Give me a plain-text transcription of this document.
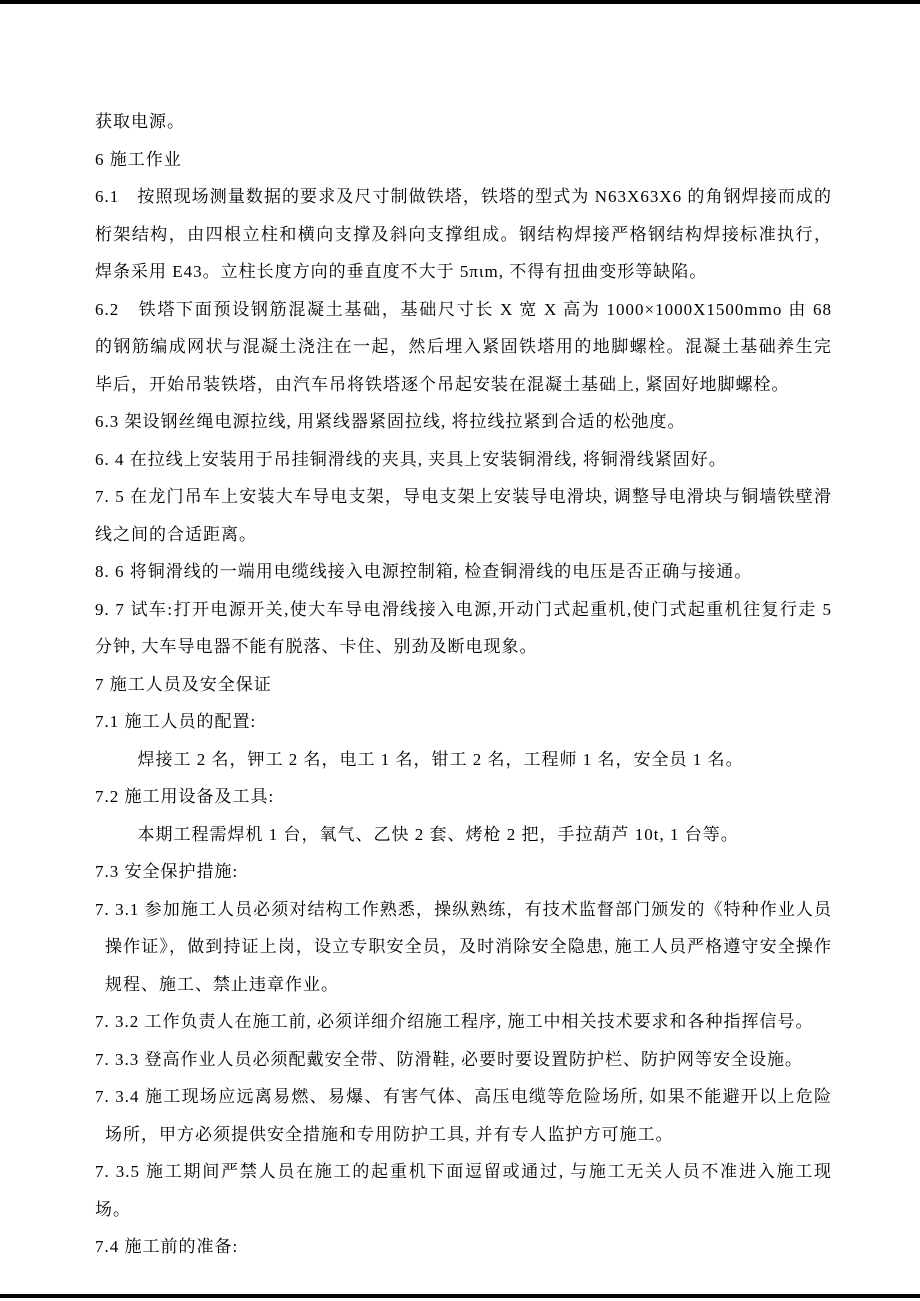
获取电源。

6 施工作业

6.1　按照现场测量数据的要求及尺寸制做铁塔，铁塔的型式为 N63X63X6 的角钢焊接而成的桁架结构，由四根立柱和横向支撑及斜向支撑组成。钢结构焊接严格钢结构焊接标准执行，焊条采用 E43。立柱长度方向的垂直度不大于 5πιm, 不得有扭曲变形等缺陷。

6.2　铁塔下面预设钢筋混凝土基础，基础尺寸长 X 宽 X 高为 1000×1000X1500mmo 由 68 的钢筋编成网状与混凝土浇注在一起，然后埋入紧固铁塔用的地脚螺栓。混凝土基础养生完毕后，开始吊装铁塔，由汽车吊将铁塔逐个吊起安装在混凝土基础上, 紧固好地脚螺栓。

6.3 架设钢丝绳电源拉线, 用紧线器紧固拉线, 将拉线拉紧到合适的松弛度。

6. 4 在拉线上安装用于吊挂铜滑线的夹具, 夹具上安装铜滑线, 将铜滑线紧固好。

7. 5 在龙门吊车上安装大车导电支架，导电支架上安装导电滑块, 调整导电滑块与铜墙铁壁滑线之间的合适距离。

8. 6 将铜滑线的一端用电缆线接入电源控制箱, 检查铜滑线的电压是否正确与接通。

9. 7 试车:打开电源开关,使大车导电滑线接入电源,开动门式起重机,使门式起重机往复行走 5 分钟, 大车导电器不能有脱落、卡住、别劲及断电现象。

7 施工人员及安全保证

7.1 施工人员的配置:

焊接工 2 名，钾工 2 名，电工 1 名，钳工 2 名，工程师 1 名，安全员 1 名。

7.2 施工用设备及工具:

本期工程需焊机 1 台，氧气、乙快 2 套、烤枪 2 把，手拉葫芦 10t, 1 台等。

7.3 安全保护措施:

7. 3.1 参加施工人员必须对结构工作熟悉，操纵熟练，有技术监督部门颁发的《特种作业人员操作证》，做到持证上岗，设立专职安全员，及时消除安全隐患, 施工人员严格遵守安全操作规程、施工、禁止违章作业。

7. 3.2 工作负责人在施工前, 必须详细介绍施工程序, 施工中相关技术要求和各种指挥信号。

7. 3.3 登高作业人员必须配戴安全带、防滑鞋, 必要时要设置防护栏、防护网等安全设施。

7. 3.4 施工现场应远离易燃、易爆、有害气体、高压电缆等危险场所, 如果不能避开以上危险场所，甲方必须提供安全措施和专用防护工具, 并有专人监护方可施工。

7. 3.5 施工期间严禁人员在施工的起重机下面逗留或通过, 与施工无关人员不准进入施工现场。

7.4 施工前的准备:
